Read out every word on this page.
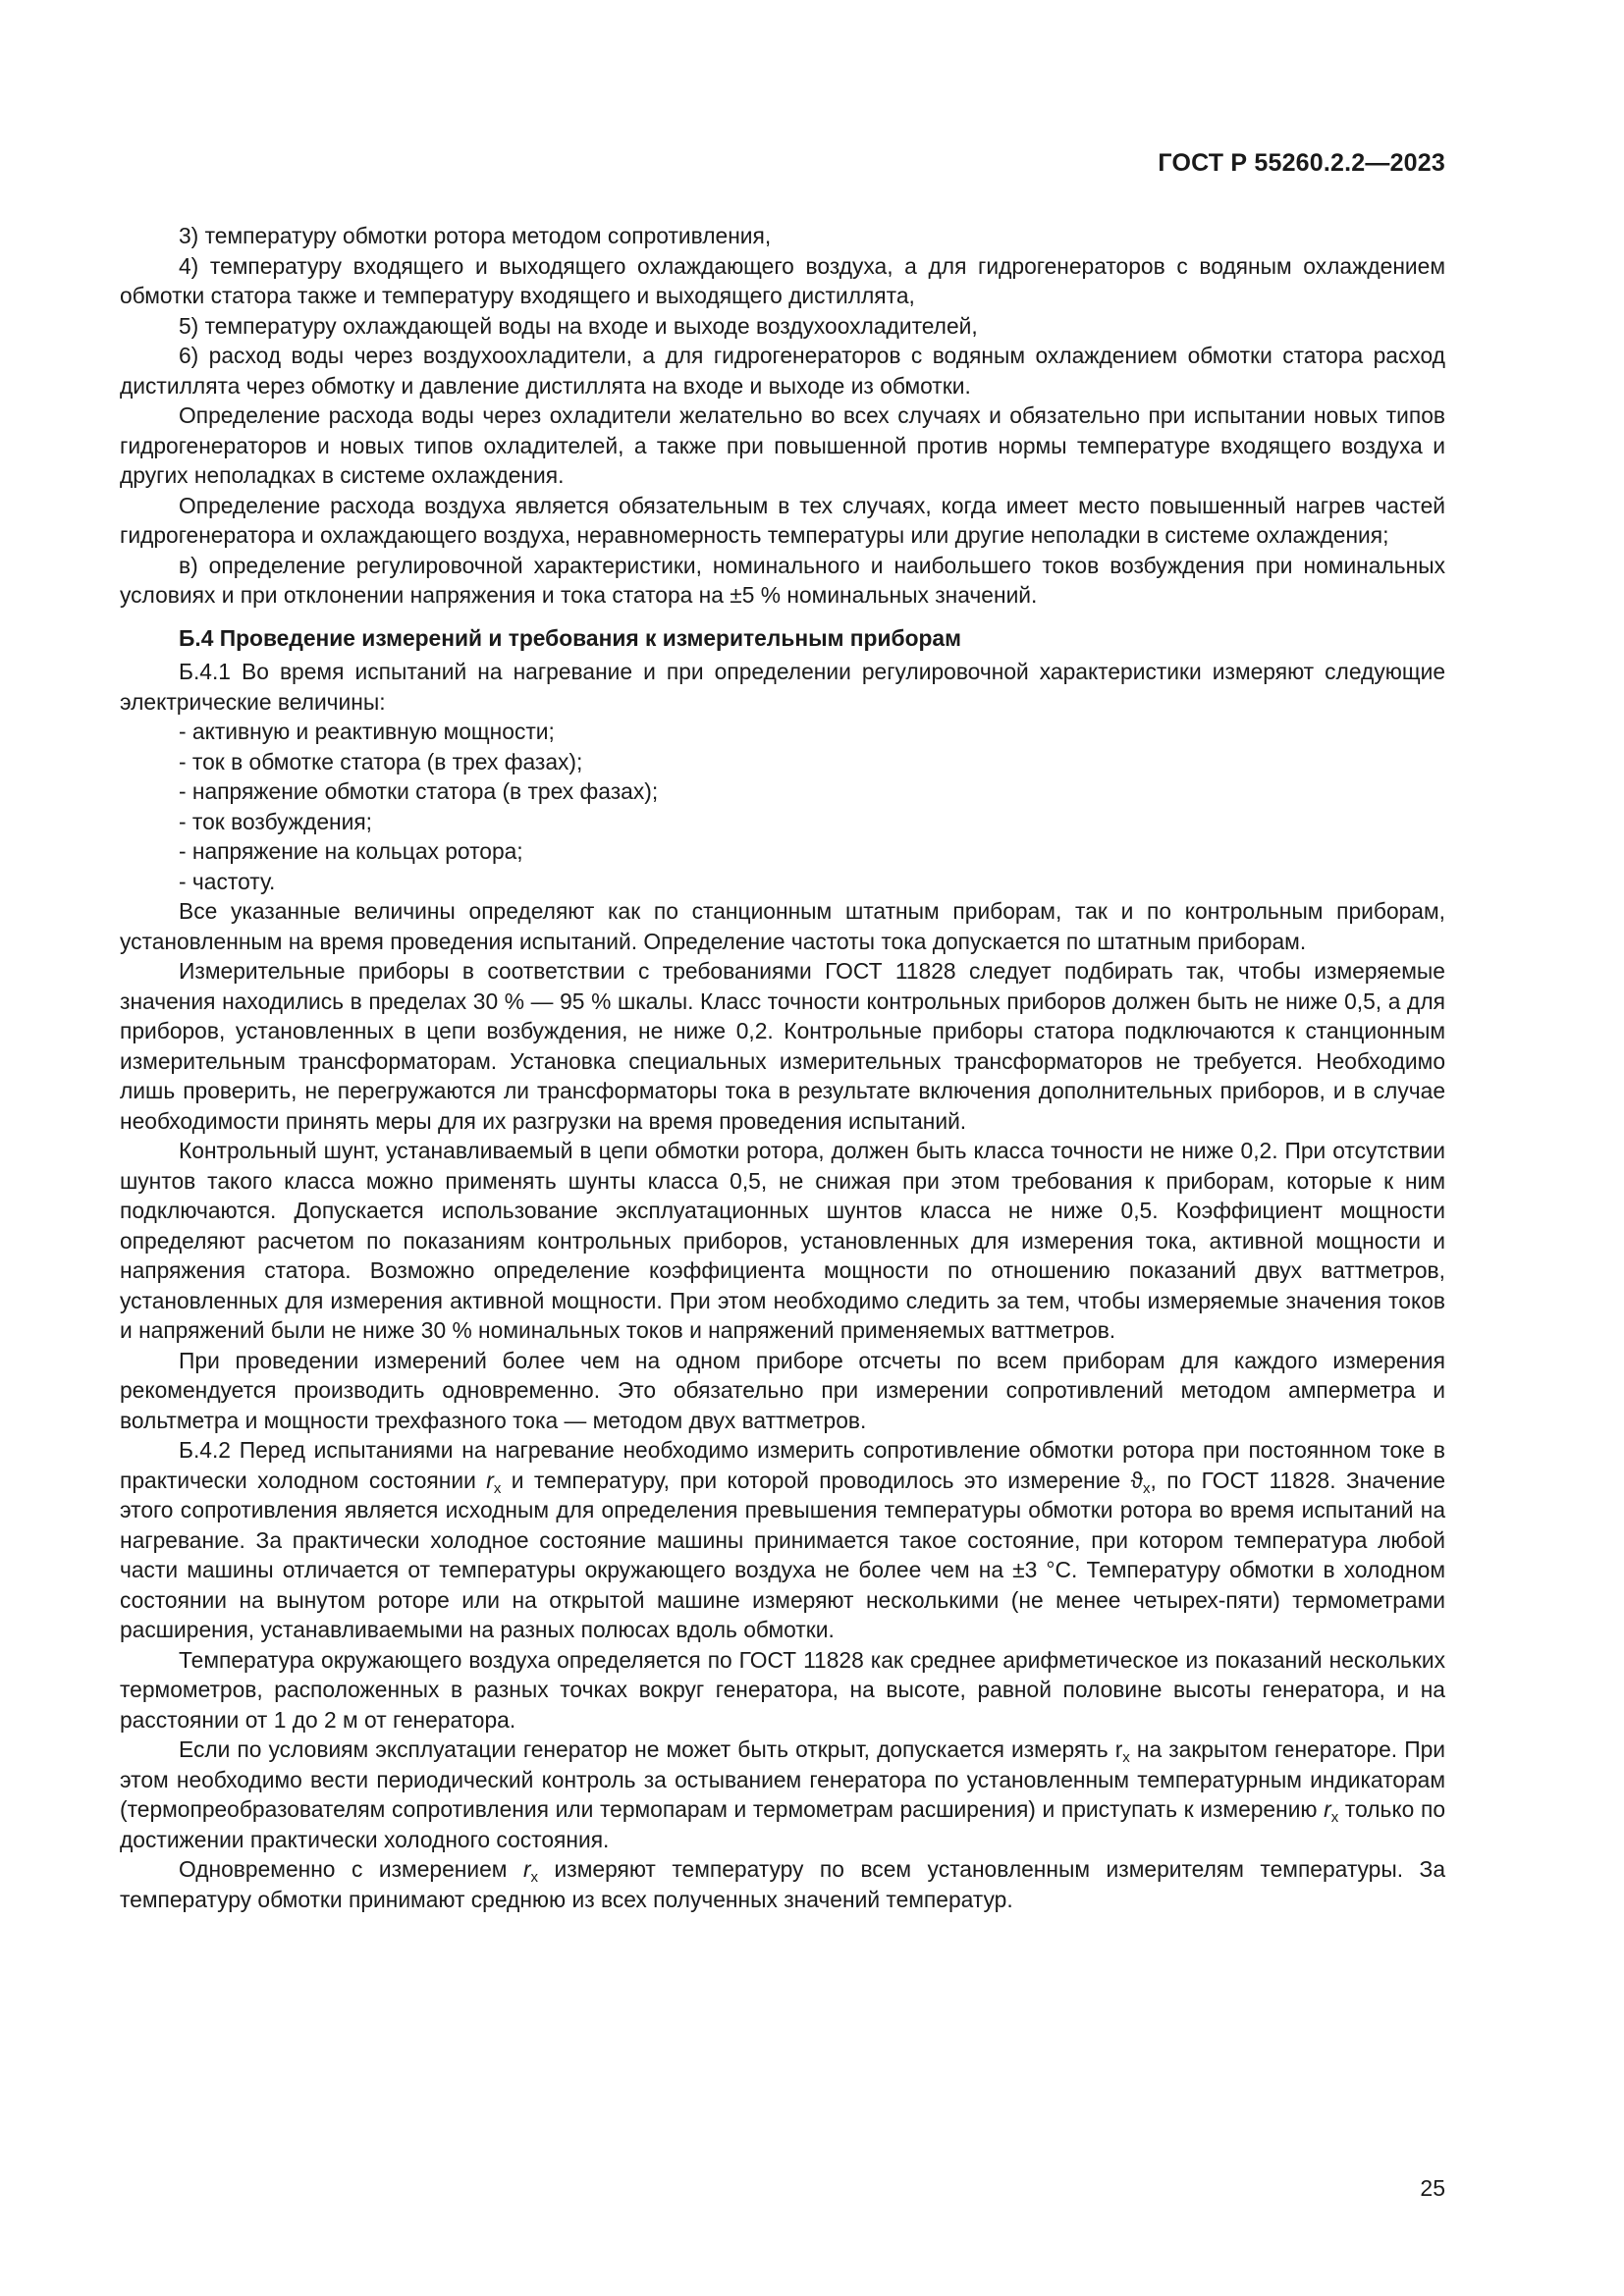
ГОСТ Р 55260.2.2—2023

3) температуру обмотки ротора методом сопротивления,

4) температуру входящего и выходящего охлаждающего воздуха, а для гидрогенераторов с водяным охлаждением обмотки статора также и температуру входящего и выходящего дистиллята,

5) температуру охлаждающей воды на входе и выходе воздухоохладителей,

6) расход воды через воздухоохладители, а для гидрогенераторов с водяным охлаждением обмотки статора расход дистиллята через обмотку и давление дистиллята на входе и выходе из обмотки.

Определение расхода воды через охладители желательно во всех случаях и обязательно при испытании новых типов гидрогенераторов и новых типов охладителей, а также при повышенной против нормы температуре входящего воздуха и других неполадках в системе охлаждения.

Определение расхода воздуха является обязательным в тех случаях, когда имеет место повышенный нагрев частей гидрогенератора и охлаждающего воздуха, неравномерность температуры или другие неполадки в системе охлаждения;

в) определение регулировочной характеристики, номинального и наибольшего токов возбуждения при номинальных условиях и при отклонении напряжения и тока статора на ±5 % номинальных значений.

Б.4 Проведение измерений и требования к измерительным приборам

Б.4.1 Во время испытаний на нагревание и при определении регулировочной характеристики измеряют следующие электрические величины:

- активную и реактивную мощности;

- ток в обмотке статора (в трех фазах);

- напряжение обмотки статора (в трех фазах);

- ток возбуждения;

- напряжение на кольцах ротора;

- частоту.

Все указанные величины определяют как по станционным штатным приборам, так и по контрольным приборам, установленным на время проведения испытаний. Определение частоты тока допускается по штатным приборам.

Измерительные приборы в соответствии с требованиями ГОСТ 11828 следует подбирать так, чтобы измеряемые значения находились в пределах 30 % — 95 % шкалы. Класс точности контрольных приборов должен быть не ниже 0,5, а для приборов, установленных в цепи возбуждения, не ниже 0,2. Контрольные приборы статора подключаются к станционным измерительным трансформаторам. Установка специальных измерительных трансформаторов не требуется. Необходимо лишь проверить, не перегружаются ли трансформаторы тока в результате включения дополнительных приборов, и в случае необходимости принять меры для их разгрузки на время проведения испытаний.

Контрольный шунт, устанавливаемый в цепи обмотки ротора, должен быть класса точности не ниже 0,2. При отсутствии шунтов такого класса можно применять шунты класса 0,5, не снижая при этом требования к приборам, которые к ним подключаются. Допускается использование эксплуатационных шунтов класса не ниже 0,5. Коэффициент мощности определяют расчетом по показаниям контрольных приборов, установленных для измерения тока, активной мощности и напряжения статора. Возможно определение коэффициента мощности по отношению показаний двух ваттметров, установленных для измерения активной мощности. При этом необходимо следить за тем, чтобы измеряемые значения токов и напряжений были не ниже 30 % номинальных токов и напряжений применяемых ваттметров.

При проведении измерений более чем на одном приборе отсчеты по всем приборам для каждого измерения рекомендуется производить одновременно. Это обязательно при измерении сопротивлений методом амперметра и вольтметра и мощности трехфазного тока — методом двух ваттметров.

Б.4.2 Перед испытаниями на нагревание необходимо измерить сопротивление обмотки ротора при постоянном токе в практически холодном состоянии $r_x$ и температуру, при которой проводилось это измерение $ϑ_x$, по ГОСТ 11828. Значение этого сопротивления является исходным для определения превышения температуры обмотки ротора во время испытаний на нагревание. За практически холодное состояние машины принимается такое состояние, при котором температура любой части машины отличается от температуры окружающего воздуха не более чем на ±3 °С. Температуру обмотки в холодном состоянии на вынутом роторе или на открытой машине измеряют несколькими (не менее четырех-пяти) термометрами расширения, устанавливаемыми на разных полюсах вдоль обмотки.

Температура окружающего воздуха определяется по ГОСТ 11828 как среднее арифметическое из показаний нескольких термометров, расположенных в разных точках вокруг генератора, на высоте, равной половине высоты генератора, и на расстоянии от 1 до 2 м от генератора.

Если по условиям эксплуатации генератор не может быть открыт, допускается измерять $r_x$ на закрытом генераторе. При этом необходимо вести периодический контроль за остыванием генератора по установленным температурным индикаторам (термопреобразователям сопротивления или термопарам и термометрам расширения) и приступать к измерению $r_x$ только по достижении практически холодного состояния.

Одновременно с измерением $r_x$ измеряют температуру по всем установленным измерителям температуры. За температуру обмотки принимают среднюю из всех полученных значений температур.

25
